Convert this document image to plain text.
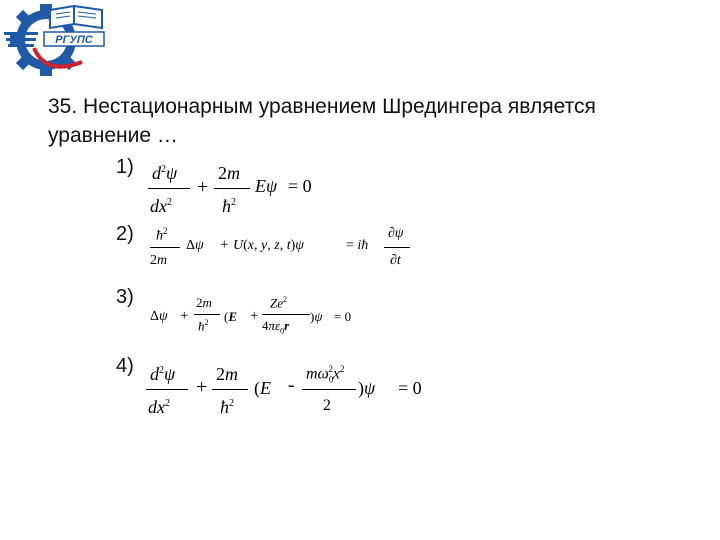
РГУПС

35. Нестационарным уравнением Шредингера является уравнение …

1)
2)
3)
4)
$d^2\psi$
$dx^2$
+
2m
$ħ^2$
Eψ = 0
$ħ^2$
2m
Δψ + U(x, y, z, t)ψ	= iħ
∂ψ
∂t
Δψ +
2m
$ħ^2$ (E +
$Ze^2$
$4\pi\varepsilon_0r$
)ψ = 0
$d^2\psi$
$dx^2$
+
2m
$ħ^2$
(E -
$m\omega_0^2x^2$
2
)ψ = 0
